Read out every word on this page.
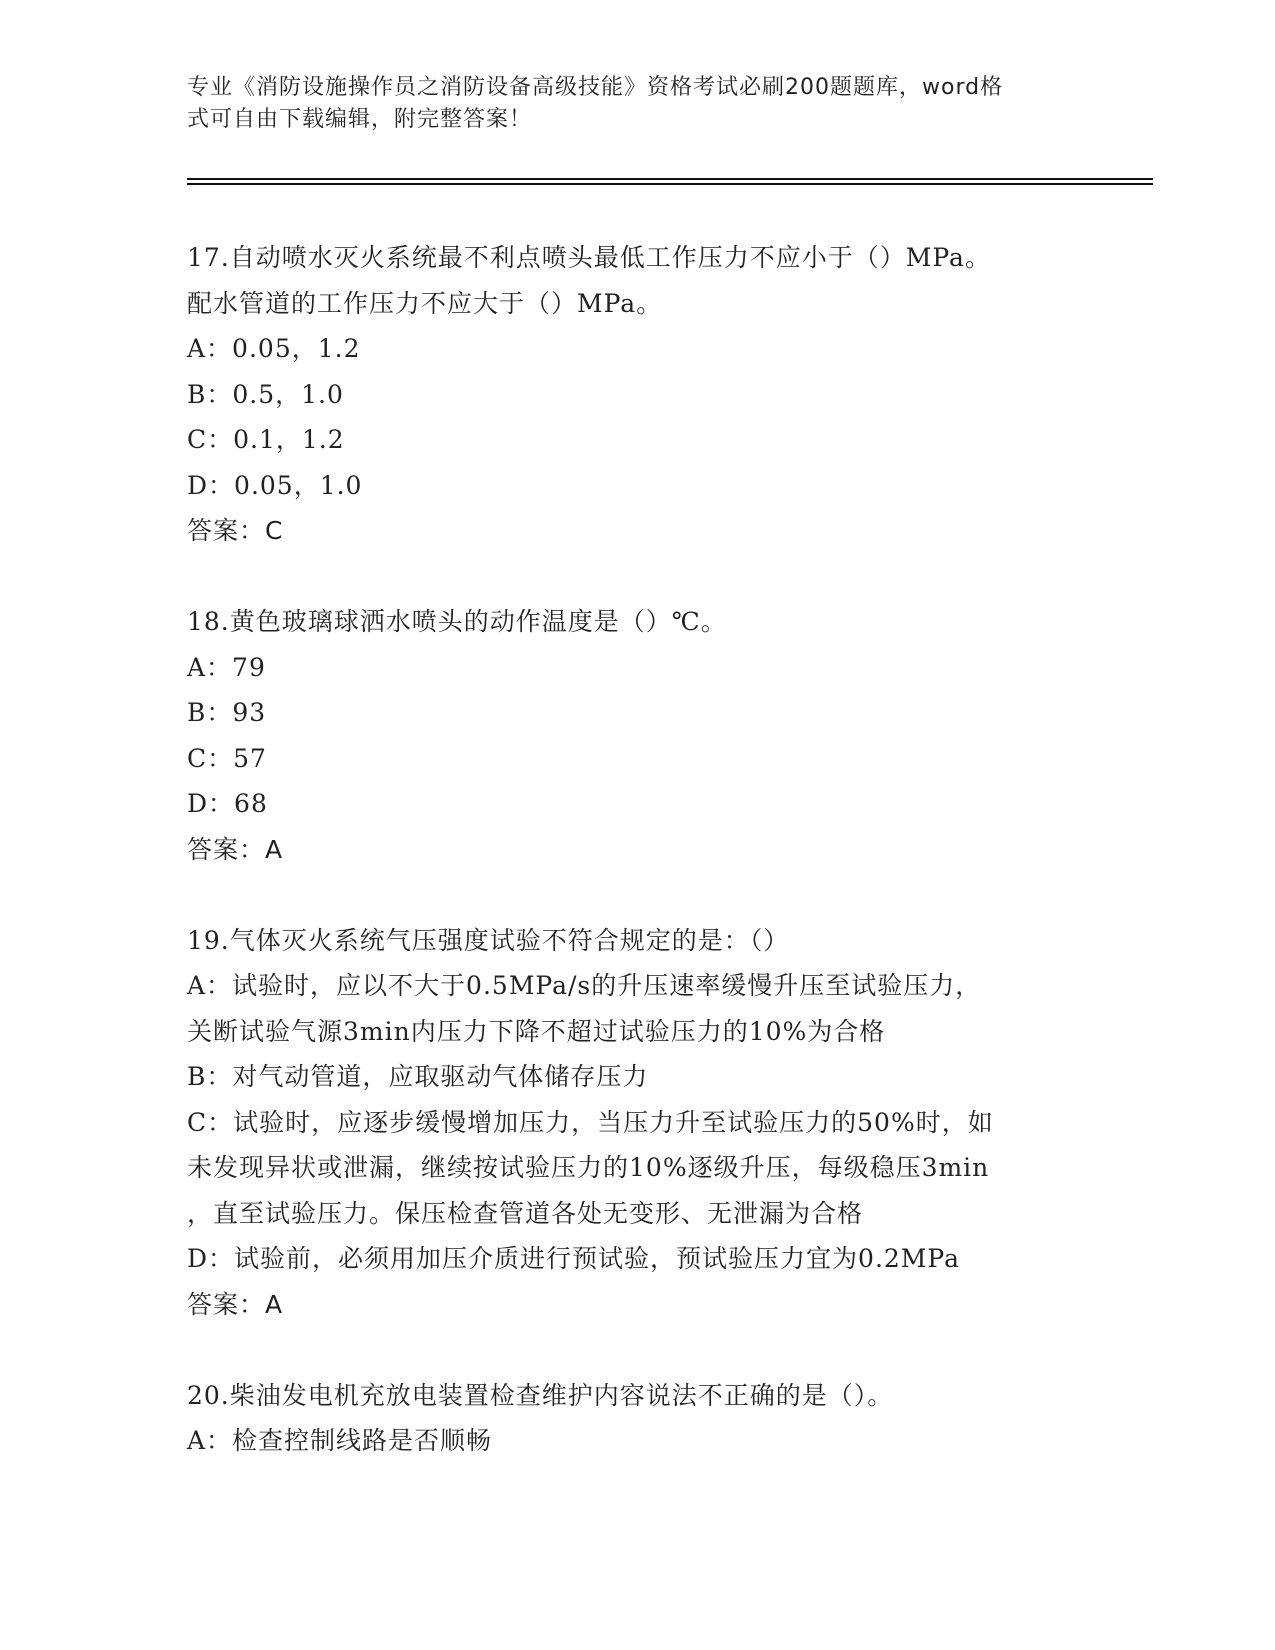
专业《消防设施操作员之消防设备高级技能》资格考试必刷200题题库，word格
式可自由下载编辑，附完整答案！
17.自动喷水灭火系统最不利点喷头最低工作压力不应小于（）MPa。
配水管道的工作压力不应大于（）MPa。
A：0.05，1.2
B：0.5，1.0
C：0.1，1.2
D：0.05，1.0
答案：C
18.黄色玻璃球洒水喷头的动作温度是（）℃。
A：79
B：93
C：57
D：68
答案：A
19.气体灭火系统气压强度试验不符合规定的是：（）
A：试验时，应以不大于0.5MPa/s的升压速率缓慢升压至试验压力，
关断试验气源3min内压力下降不超过试验压力的10%为合格
B：对气动管道，应取驱动气体储存压力
C：试验时，应逐步缓慢增加压力，当压力升至试验压力的50%时，如
未发现异状或泄漏，继续按试验压力的10%逐级升压，每级稳压3min
，直至试验压力。保压检查管道各处无变形、无泄漏为合格
D：试验前，必须用加压介质进行预试验，预试验压力宜为0.2MPa
答案：A
20.柴油发电机充放电装置检查维护内容说法不正确的是（）。
A：检查控制线路是否顺畅
